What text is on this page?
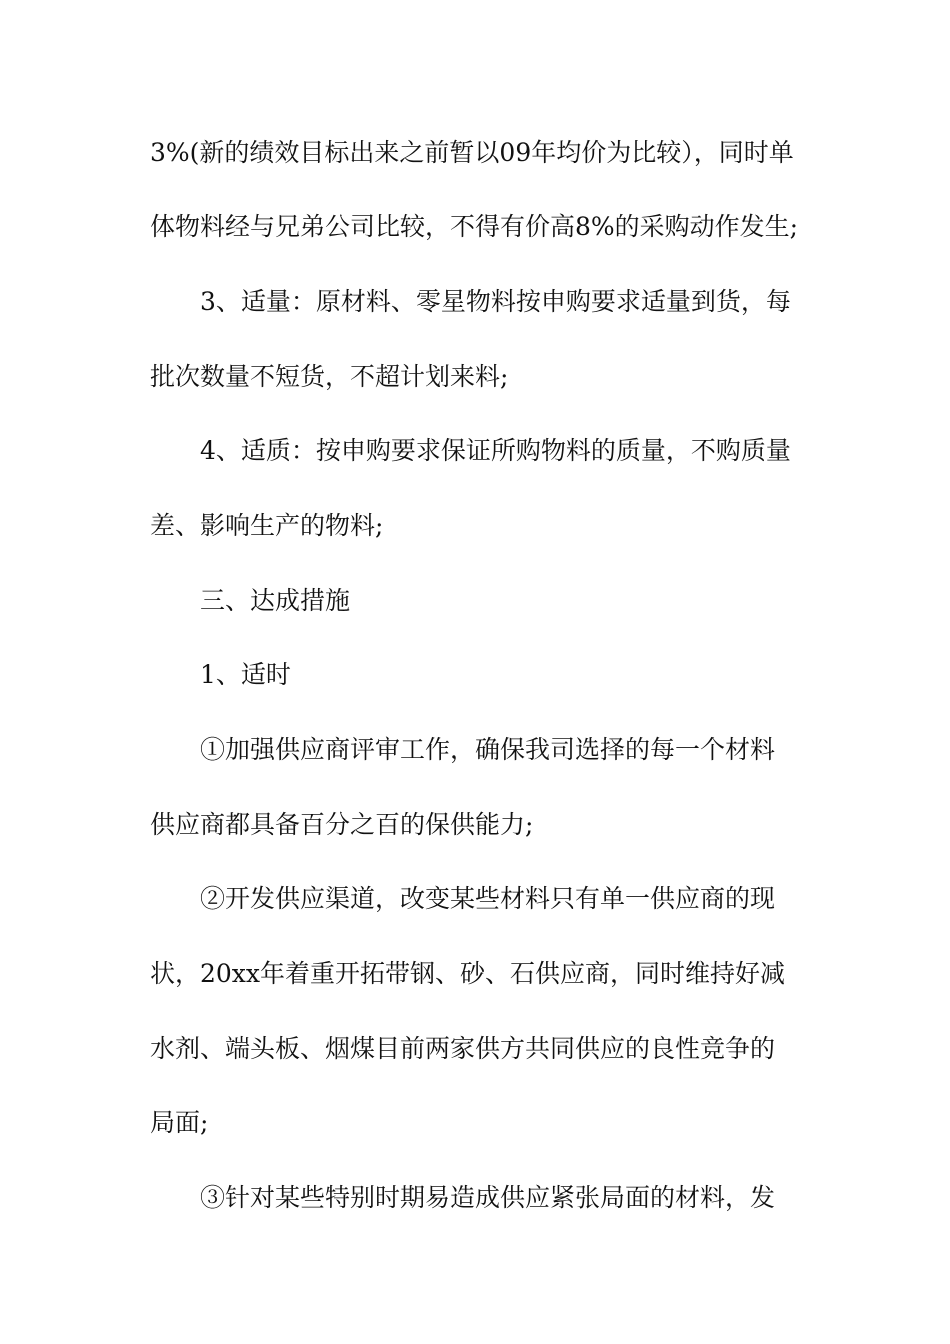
3%(新的绩效目标出来之前暂以09年均价为比较），同时单

体物料经与兄弟公司比较，不得有价高8%的采购动作发生;

3、适量：原材料、零星物料按申购要求适量到货，每

批次数量不短货，不超计划来料;

4、适质：按申购要求保证所购物料的质量，不购质量

差、影响生产的物料;

三、达成措施

1、适时

①加强供应商评审工作，确保我司选择的每一个材料

供应商都具备百分之百的保供能力;

②开发供应渠道，改变某些材料只有单一供应商的现

状，20xx年着重开拓带钢、砂、石供应商，同时维持好减

水剂、端头板、烟煤目前两家供方共同供应的良性竞争的

局面;

③针对某些特别时期易造成供应紧张局面的材料，发
